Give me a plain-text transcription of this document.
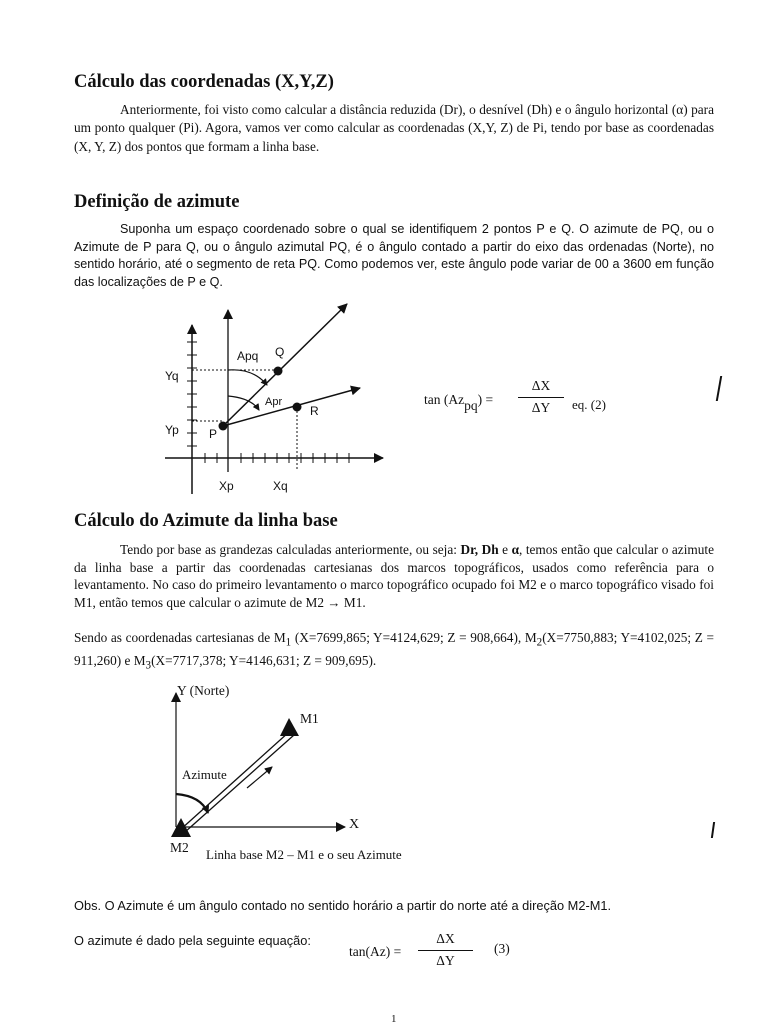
Cálculo das coordenadas (X,Y,Z)

Anteriormente, foi visto como calcular a distância reduzida (Dr), o desnível (Dh) e o ângulo horizontal (α) para um ponto qualquer (Pi). Agora, vamos ver como calcular as coordenadas (X,Y, Z) de Pi, tendo por base as coordenadas (X, Y, Z) dos pontos que formam a linha base.

Definição de azimute

Suponha um espaço coordenado sobre o qual se identifiquem 2 pontos P e Q. O azimute de PQ, ou o Azimute de P para Q, ou o ângulo azimutal PQ, é o ângulo contado a partir do eixo das ordenadas (Norte), no sentido horário, até o segmento de reta PQ. Como podemos ver, este ângulo pode variar de 00 a 3600 em função das localizações de P e Q.

Apq Q
Yq
Apr
R
Yp	P
Xp	Xq
tan (Azpq) = $\frac{\Delta X}{\Delta Y}$ eq. (2)
Cálculo do Azimute da linha base

Tendo por base as grandezas calculadas anteriormente, ou seja: Dr, Dh e α, temos então que calcular o azimute da linha base a partir das coordenadas cartesianas dos marcos topográficos, usados como referência para o levantamento. No caso do primeiro levantamento o marco topográfico ocupado foi M2 e o marco topográfico visado foi M1, então temos que calcular o azimute de M2 → M1.

Sendo as coordenadas cartesianas de $M_1$ (X=7699,865; Y=4124,629; Z = 908,664), $M_2(X=7750,883$; Y=4102,025; Z = 911,260) e $M_3(X=7717,378$; Y=4146,631; Z = 909,695).

Y (Norte)
M1
Azimute
X
M2 Linha base M2 – M1 e o seu Azimute

Obs. O Azimute é um ângulo contado no sentido horário a partir do norte até a direção M2-M1.

O azimute é dado pela seguinte equação:
$\tan(Az) = \frac{\Delta X}{\Delta Y} (3)$
1
